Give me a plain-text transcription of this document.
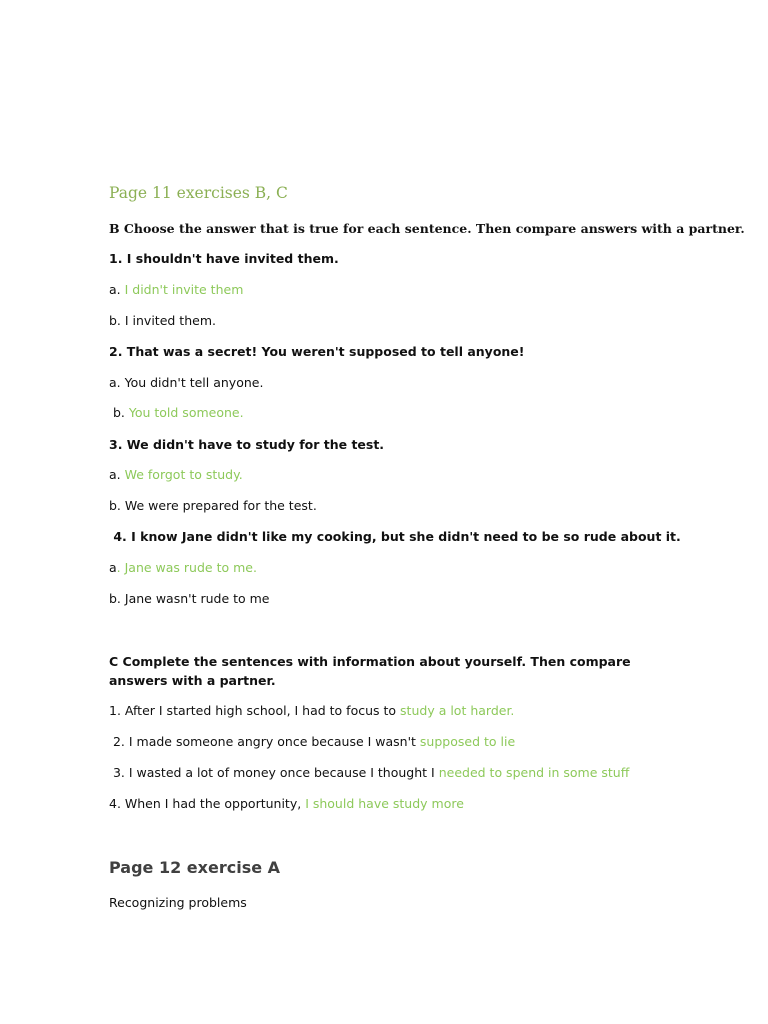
Page 11 exercises B, C
B Choose the answer that is true for each sentence. Then compare answers with a partner.
1. I shouldn't have invited them.
a. I didn't invite them
b. I invited them.
2. That was a secret! You weren't supposed to tell anyone!
a. You didn't tell anyone.
b. You told someone.
3. We didn't have to study for the test.
a. We forgot to study.
b. We were prepared for the test.
4. I know Jane didn't like my cooking, but she didn't need to be so rude about it.
a. Jane was rude to me.
b. Jane wasn't rude to me
C Complete the sentences with information about yourself. Then compare answers with a partner.
1. After I started high school, I had to focus to study a lot harder.
2. I made someone angry once because I wasn't supposed to lie
3. I wasted a lot of money once because I thought I needed to spend in some stuff
4. When I had the opportunity, I should have study more
Page 12 exercise A
Recognizing problems
